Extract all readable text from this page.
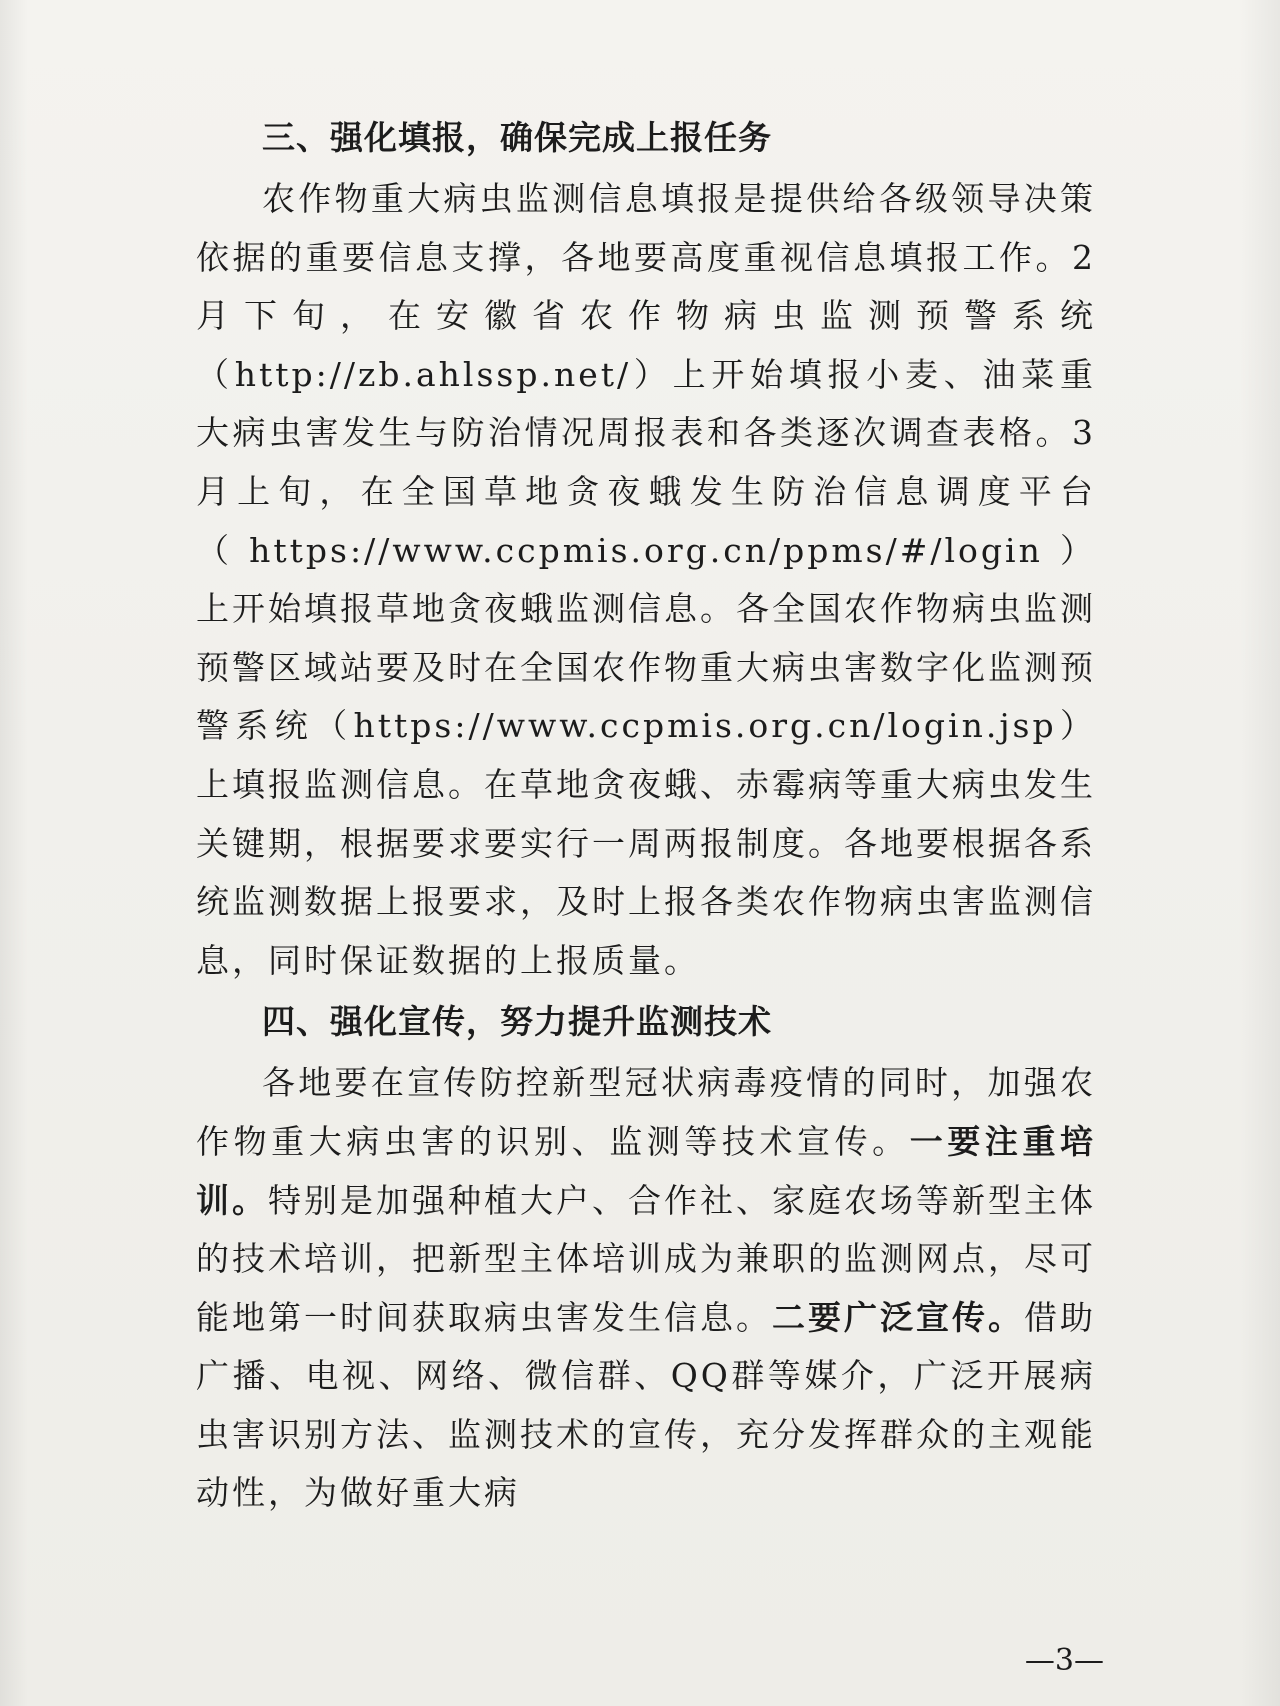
三、强化填报，确保完成上报任务

农作物重大病虫监测信息填报是提供给各级领导决策依据的重要信息支撑，各地要高度重视信息填报工作。2月下旬，在安徽省农作物病虫监测预警系统（http://zb.ahlssp.net/）上开始填报小麦、油菜重大病虫害发生与防治情况周报表和各类逐次调查表格。3月上旬，在全国草地贪夜蛾发生防治信息调度平台（https://www.ccpmis.org.cn/ppms/#/login）上开始填报草地贪夜蛾监测信息。各全国农作物病虫监测预警区域站要及时在全国农作物重大病虫害数字化监测预警系统（https://www.ccpmis.org.cn/login.jsp）上填报监测信息。在草地贪夜蛾、赤霉病等重大病虫发生关键期，根据要求要实行一周两报制度。各地要根据各系统监测数据上报要求，及时上报各类农作物病虫害监测信息，同时保证数据的上报质量。

四、强化宣传，努力提升监测技术

各地要在宣传防控新型冠状病毒疫情的同时，加强农作物重大病虫害的识别、监测等技术宣传。一要注重培训。特别是加强种植大户、合作社、家庭农场等新型主体的技术培训，把新型主体培训成为兼职的监测网点，尽可能地第一时间获取病虫害发生信息。二要广泛宣传。借助广播、电视、网络、微信群、QQ群等媒介，广泛开展病虫害识别方法、监测技术的宣传，充分发挥群众的主观能动性，为做好重大病

—3—
